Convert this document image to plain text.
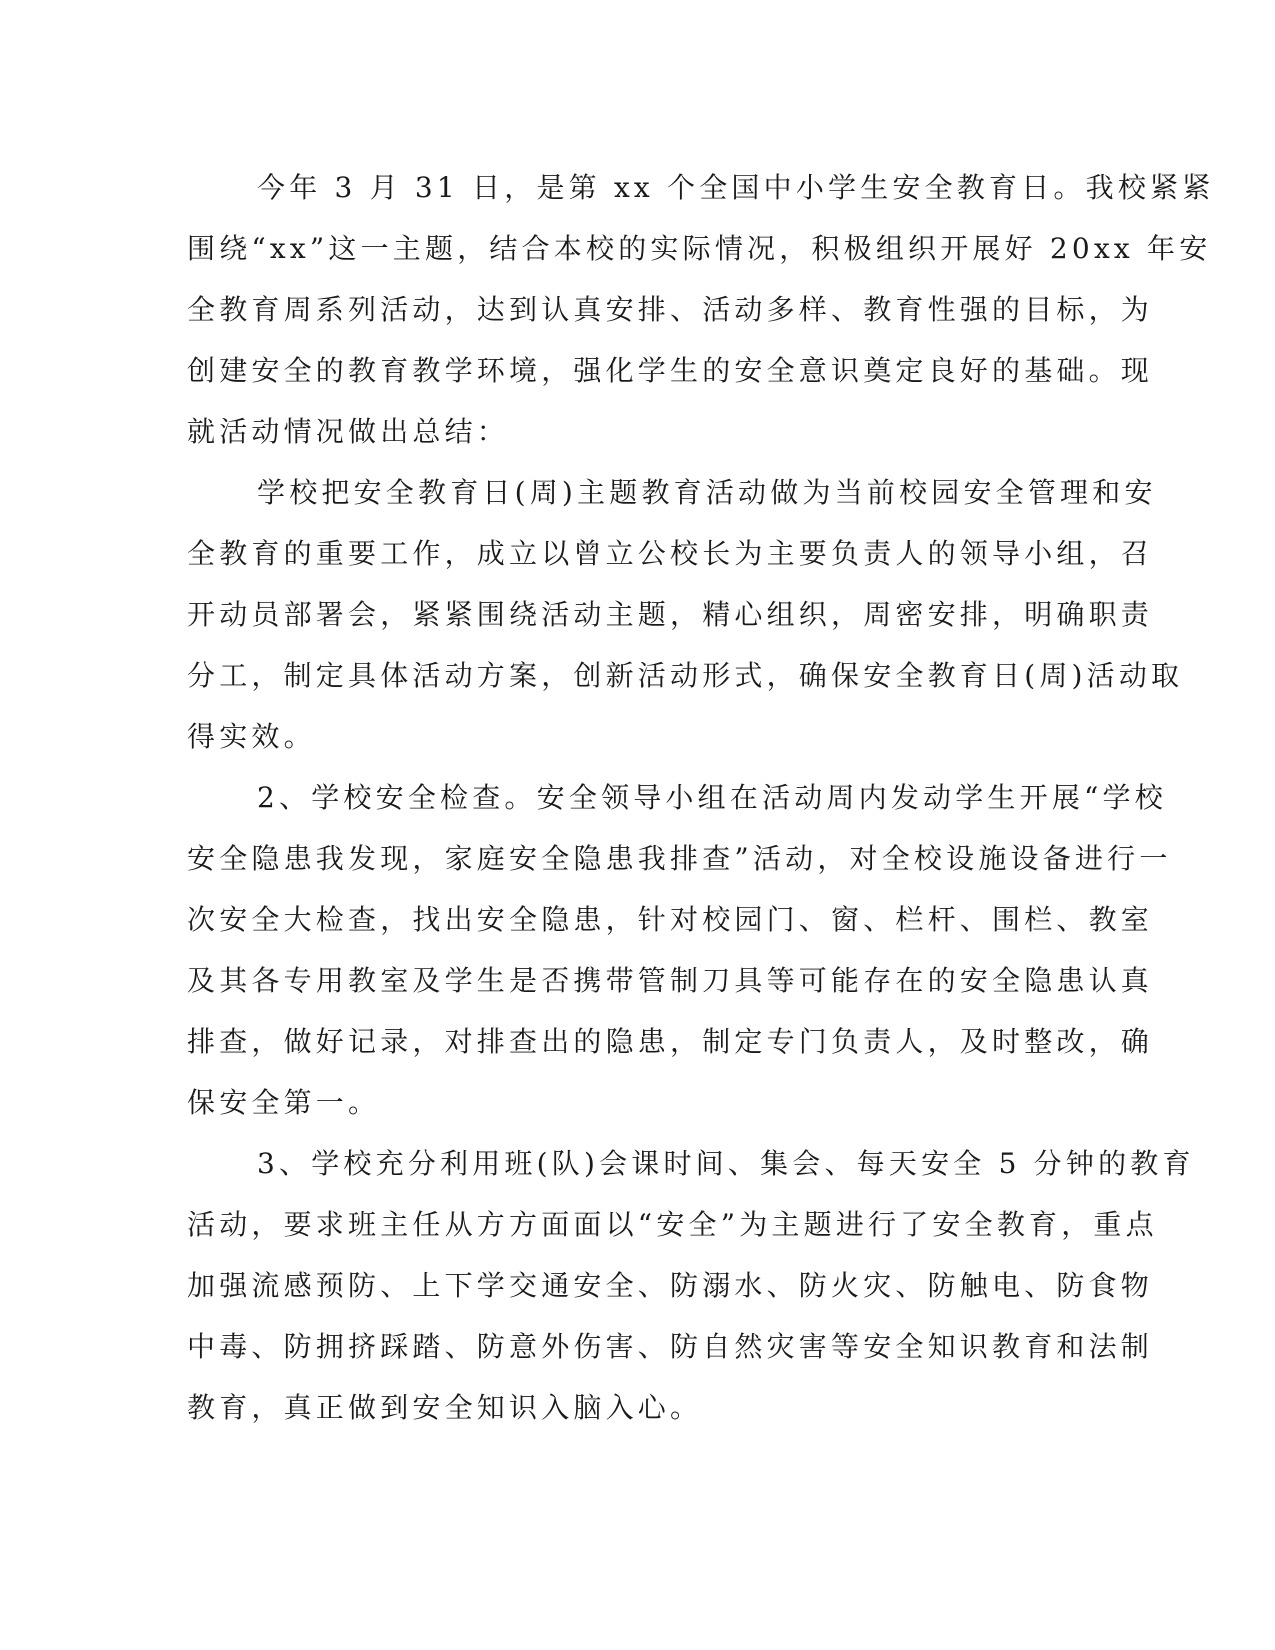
今年 3 月 31 日，是第 xx 个全国中小学生安全教育日。我校紧紧

围绕“xx”这一主题，结合本校的实际情况，积极组织开展好 20xx 年安

全教育周系列活动，达到认真安排、活动多样、教育性强的目标，为

创建安全的教育教学环境，强化学生的安全意识奠定良好的基础。现

就活动情况做出总结：

学校把安全教育日(周)主题教育活动做为当前校园安全管理和安

全教育的重要工作，成立以曾立公校长为主要负责人的领导小组，召

开动员部署会，紧紧围绕活动主题，精心组织，周密安排，明确职责

分工，制定具体活动方案，创新活动形式，确保安全教育日(周)活动取

得实效。

2、学校安全检查。安全领导小组在活动周内发动学生开展“学校

安全隐患我发现，家庭安全隐患我排查”活动，对全校设施设备进行一

次安全大检查，找出安全隐患，针对校园门、窗、栏杆、围栏、教室

及其各专用教室及学生是否携带管制刀具等可能存在的安全隐患认真

排查，做好记录，对排查出的隐患，制定专门负责人，及时整改，确

保安全第一。

3、学校充分利用班(队)会课时间、集会、每天安全 5 分钟的教育

活动，要求班主任从方方面面以“安全”为主题进行了安全教育，重点

加强流感预防、上下学交通安全、防溺水、防火灾、防触电、防食物

中毒、防拥挤踩踏、防意外伤害、防自然灾害等安全知识教育和法制

教育，真正做到安全知识入脑入心。
